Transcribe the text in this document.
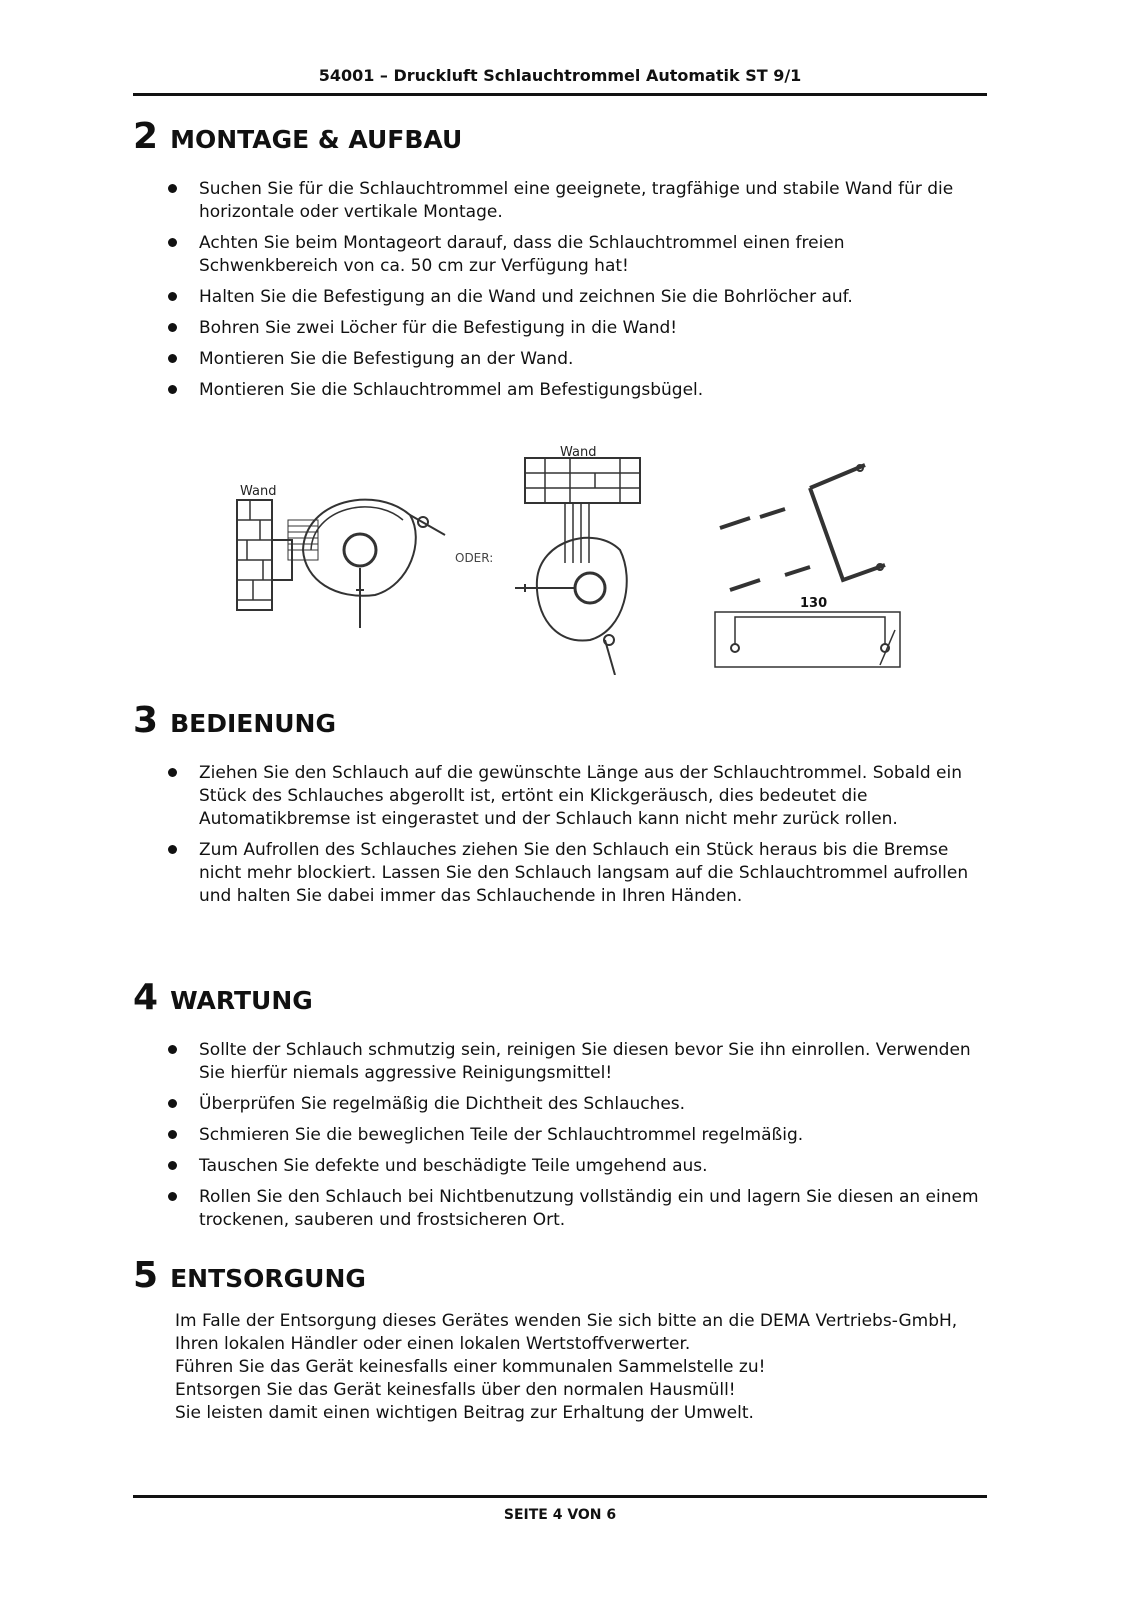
54001 – Druckluft Schlauchtrommel Automatik ST 9/1
2 MONTAGE & AUFBAU
Suchen Sie für die Schlauchtrommel eine geeignete, tragfähige und stabile Wand für die horizontale oder vertikale Montage.
Achten Sie beim Montageort darauf, dass die Schlauchtrommel einen freien Schwenkbereich von ca. 50 cm zur Verfügung hat!
Halten Sie die Befestigung an die Wand und zeichnen Sie die Bohrlöcher auf.
Bohren Sie zwei Löcher für die Befestigung in die Wand!
Montieren Sie die Befestigung an der Wand.
Montieren Sie die Schlauchtrommel am Befestigungsbügel.
Wand
ODER:
Wand
130
3 BEDIENUNG
Ziehen Sie den Schlauch auf die gewünschte Länge aus der Schlauchtrommel. Sobald ein Stück des Schlauches abgerollt ist, ertönt ein Klickgeräusch, dies bedeutet die Automatikbremse ist eingerastet und der Schlauch kann nicht mehr zurück rollen.
Zum Aufrollen des Schlauches ziehen Sie den Schlauch ein Stück heraus bis die Bremse nicht mehr blockiert. Lassen Sie den Schlauch langsam auf die Schlauchtrommel aufrollen und halten Sie dabei immer das Schlauchende in Ihren Händen.
4 WARTUNG
Sollte der Schlauch schmutzig sein, reinigen Sie diesen bevor Sie ihn einrollen. Verwenden Sie hierfür niemals aggressive Reinigungsmittel!
Überprüfen Sie regelmäßig die Dichtheit des Schlauches.
Schmieren Sie die beweglichen Teile der Schlauchtrommel regelmäßig.
Tauschen Sie defekte und beschädigte Teile umgehend aus.
Rollen Sie den Schlauch bei Nichtbenutzung vollständig ein und lagern Sie diesen an einem trockenen, sauberen und frostsicheren Ort.
5 ENTSORGUNG
Im Falle der Entsorgung dieses Gerätes wenden Sie sich bitte an die DEMA Vertriebs-GmbH, Ihren lokalen Händler oder einen lokalen Wertstoffverwerter.
Führen Sie das Gerät keinesfalls einer kommunalen Sammelstelle zu!
Entsorgen Sie das Gerät keinesfalls über den normalen Hausmüll!
Sie leisten damit einen wichtigen Beitrag zur Erhaltung der Umwelt.
SEITE 4 VON 6
